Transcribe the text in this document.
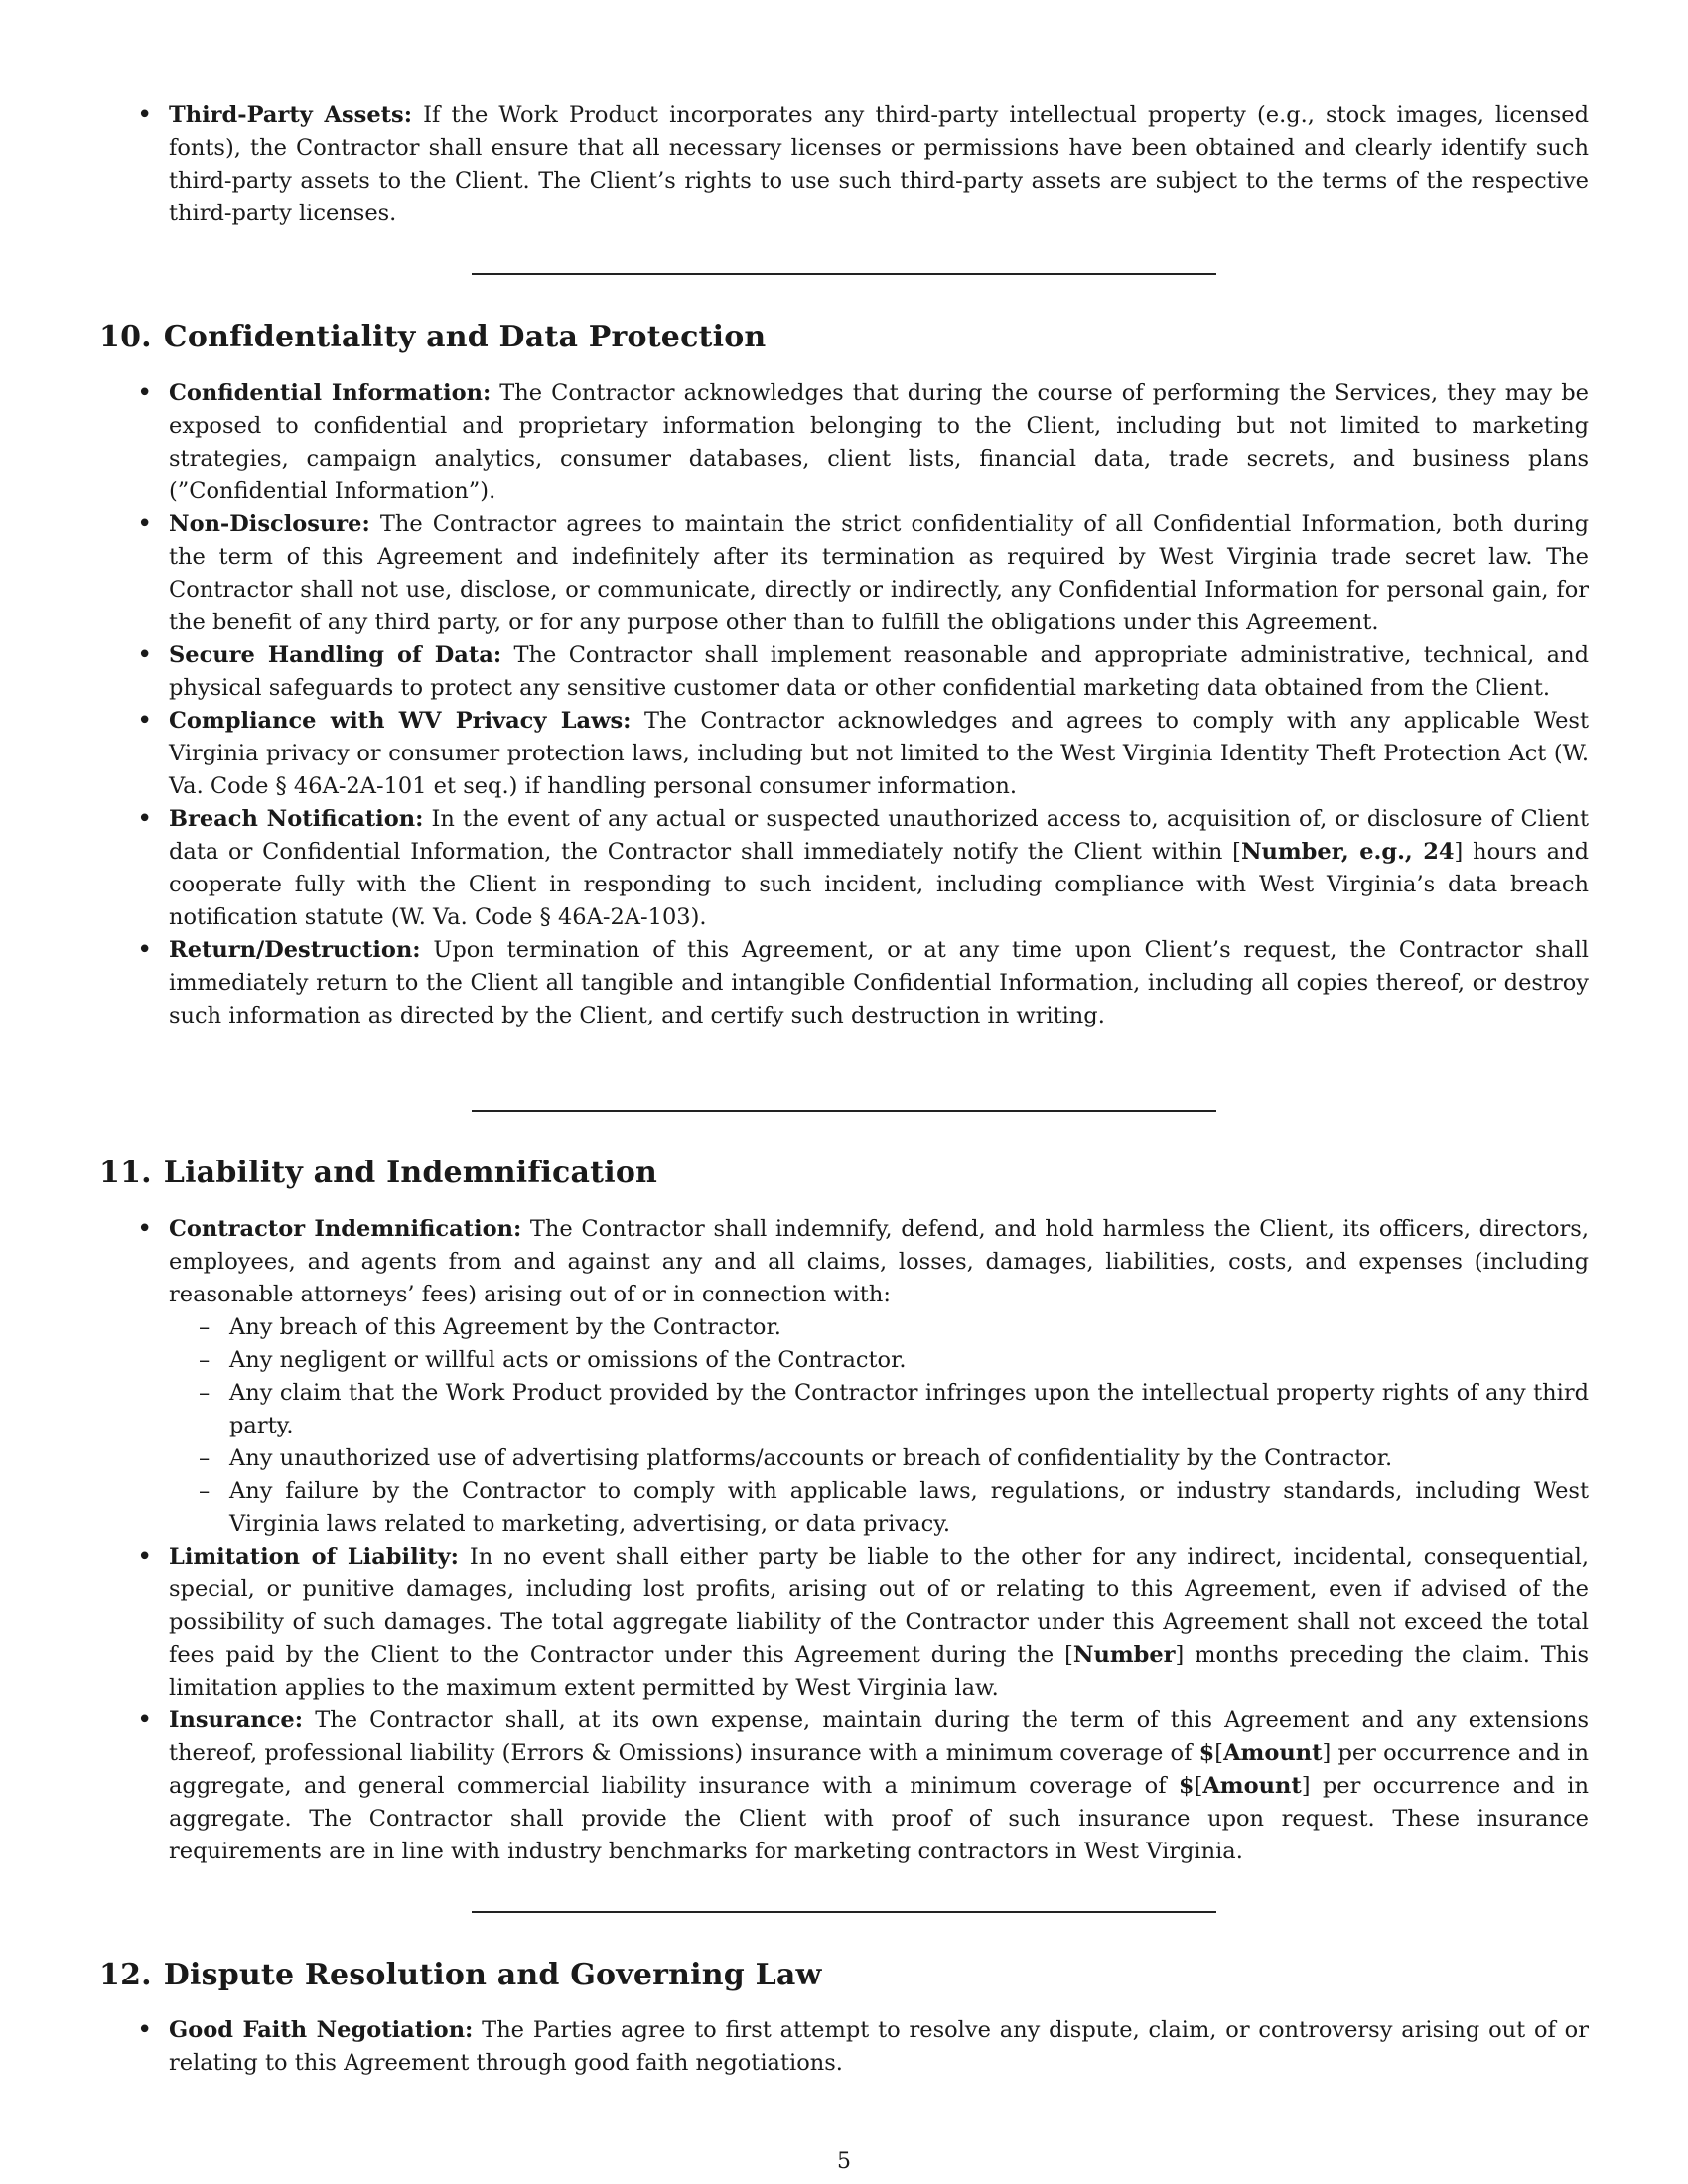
• Third-Party Assets: If the Work Product incorporates any third-party intellectual property (e.g., stock images, licensed fonts), the Contractor shall ensure that all necessary licenses or permissions have been obtained and clearly identify such third-party assets to the Client. The Client’s rights to use such third-party assets are subject to the terms of the respective third-party licenses.
10. Confidentiality and Data Protection
• Confidential Information: The Contractor acknowledges that during the course of performing the Services, they may be exposed to confidential and proprietary information belonging to the Client, including but not limited to marketing strategies, campaign analytics, consumer databases, client lists, financial data, trade secrets, and business plans (”Confidential Information”).
• Non-Disclosure: The Contractor agrees to maintain the strict confidentiality of all Confidential Information, both during the term of this Agreement and indefinitely after its termination as required by West Virginia trade secret law. The Contractor shall not use, disclose, or communicate, directly or indirectly, any Confidential Information for personal gain, for the benefit of any third party, or for any purpose other than to fulfill the obligations under this Agreement.
• Secure Handling of Data: The Contractor shall implement reasonable and appropriate administrative, technical, and physical safeguards to protect any sensitive customer data or other confidential marketing data obtained from the Client.
• Compliance with WV Privacy Laws: The Contractor acknowledges and agrees to comply with any applicable West Virginia privacy or consumer protection laws, including but not limited to the West Virginia Identity Theft Protection Act (W. Va. Code § 46A-2A-101 et seq.) if handling personal consumer information.
• Breach Notification: In the event of any actual or suspected unauthorized access to, acquisition of, or disclosure of Client data or Confidential Information, the Contractor shall immediately notify the Client within [Number, e.g., 24] hours and cooperate fully with the Client in responding to such incident, including compliance with West Virginia’s data breach notification statute (W. Va. Code § 46A-2A-103).
• Return/Destruction: Upon termination of this Agreement, or at any time upon Client’s request, the Contractor shall immediately return to the Client all tangible and intangible Confidential Information, including all copies thereof, or destroy such information as directed by the Client, and certify such destruction in writing.
11. Liability and Indemnification
• Contractor Indemnification: The Contractor shall indemnify, defend, and hold harmless the Client, its officers, directors, employees, and agents from and against any and all claims, losses, damages, liabilities, costs, and expenses (including reasonable attorneys’ fees) arising out of or in connection with:
– Any breach of this Agreement by the Contractor.
– Any negligent or willful acts or omissions of the Contractor.
– Any claim that the Work Product provided by the Contractor infringes upon the intellectual property rights of any third party.
– Any unauthorized use of advertising platforms/accounts or breach of confidentiality by the Contractor.
– Any failure by the Contractor to comply with applicable laws, regulations, or industry standards, including West Virginia laws related to marketing, advertising, or data privacy.
• Limitation of Liability: In no event shall either party be liable to the other for any indirect, incidental, consequential, special, or punitive damages, including lost profits, arising out of or relating to this Agreement, even if advised of the possibility of such damages. The total aggregate liability of the Contractor under this Agreement shall not exceed the total fees paid by the Client to the Contractor under this Agreement during the [Number] months preceding the claim. This limitation applies to the maximum extent permitted by West Virginia law.
• Insurance: The Contractor shall, at its own expense, maintain during the term of this Agreement and any extensions thereof, professional liability (Errors & Omissions) insurance with a minimum coverage of $[Amount] per occurrence and in aggregate, and general commercial liability insurance with a minimum coverage of $[Amount] per occurrence and in aggregate. The Contractor shall provide the Client with proof of such insurance upon request. These insurance requirements are in line with industry benchmarks for marketing contractors in West Virginia.
12. Dispute Resolution and Governing Law
• Good Faith Negotiation: The Parties agree to first attempt to resolve any dispute, claim, or controversy arising out of or relating to this Agreement through good faith negotiations.
5
